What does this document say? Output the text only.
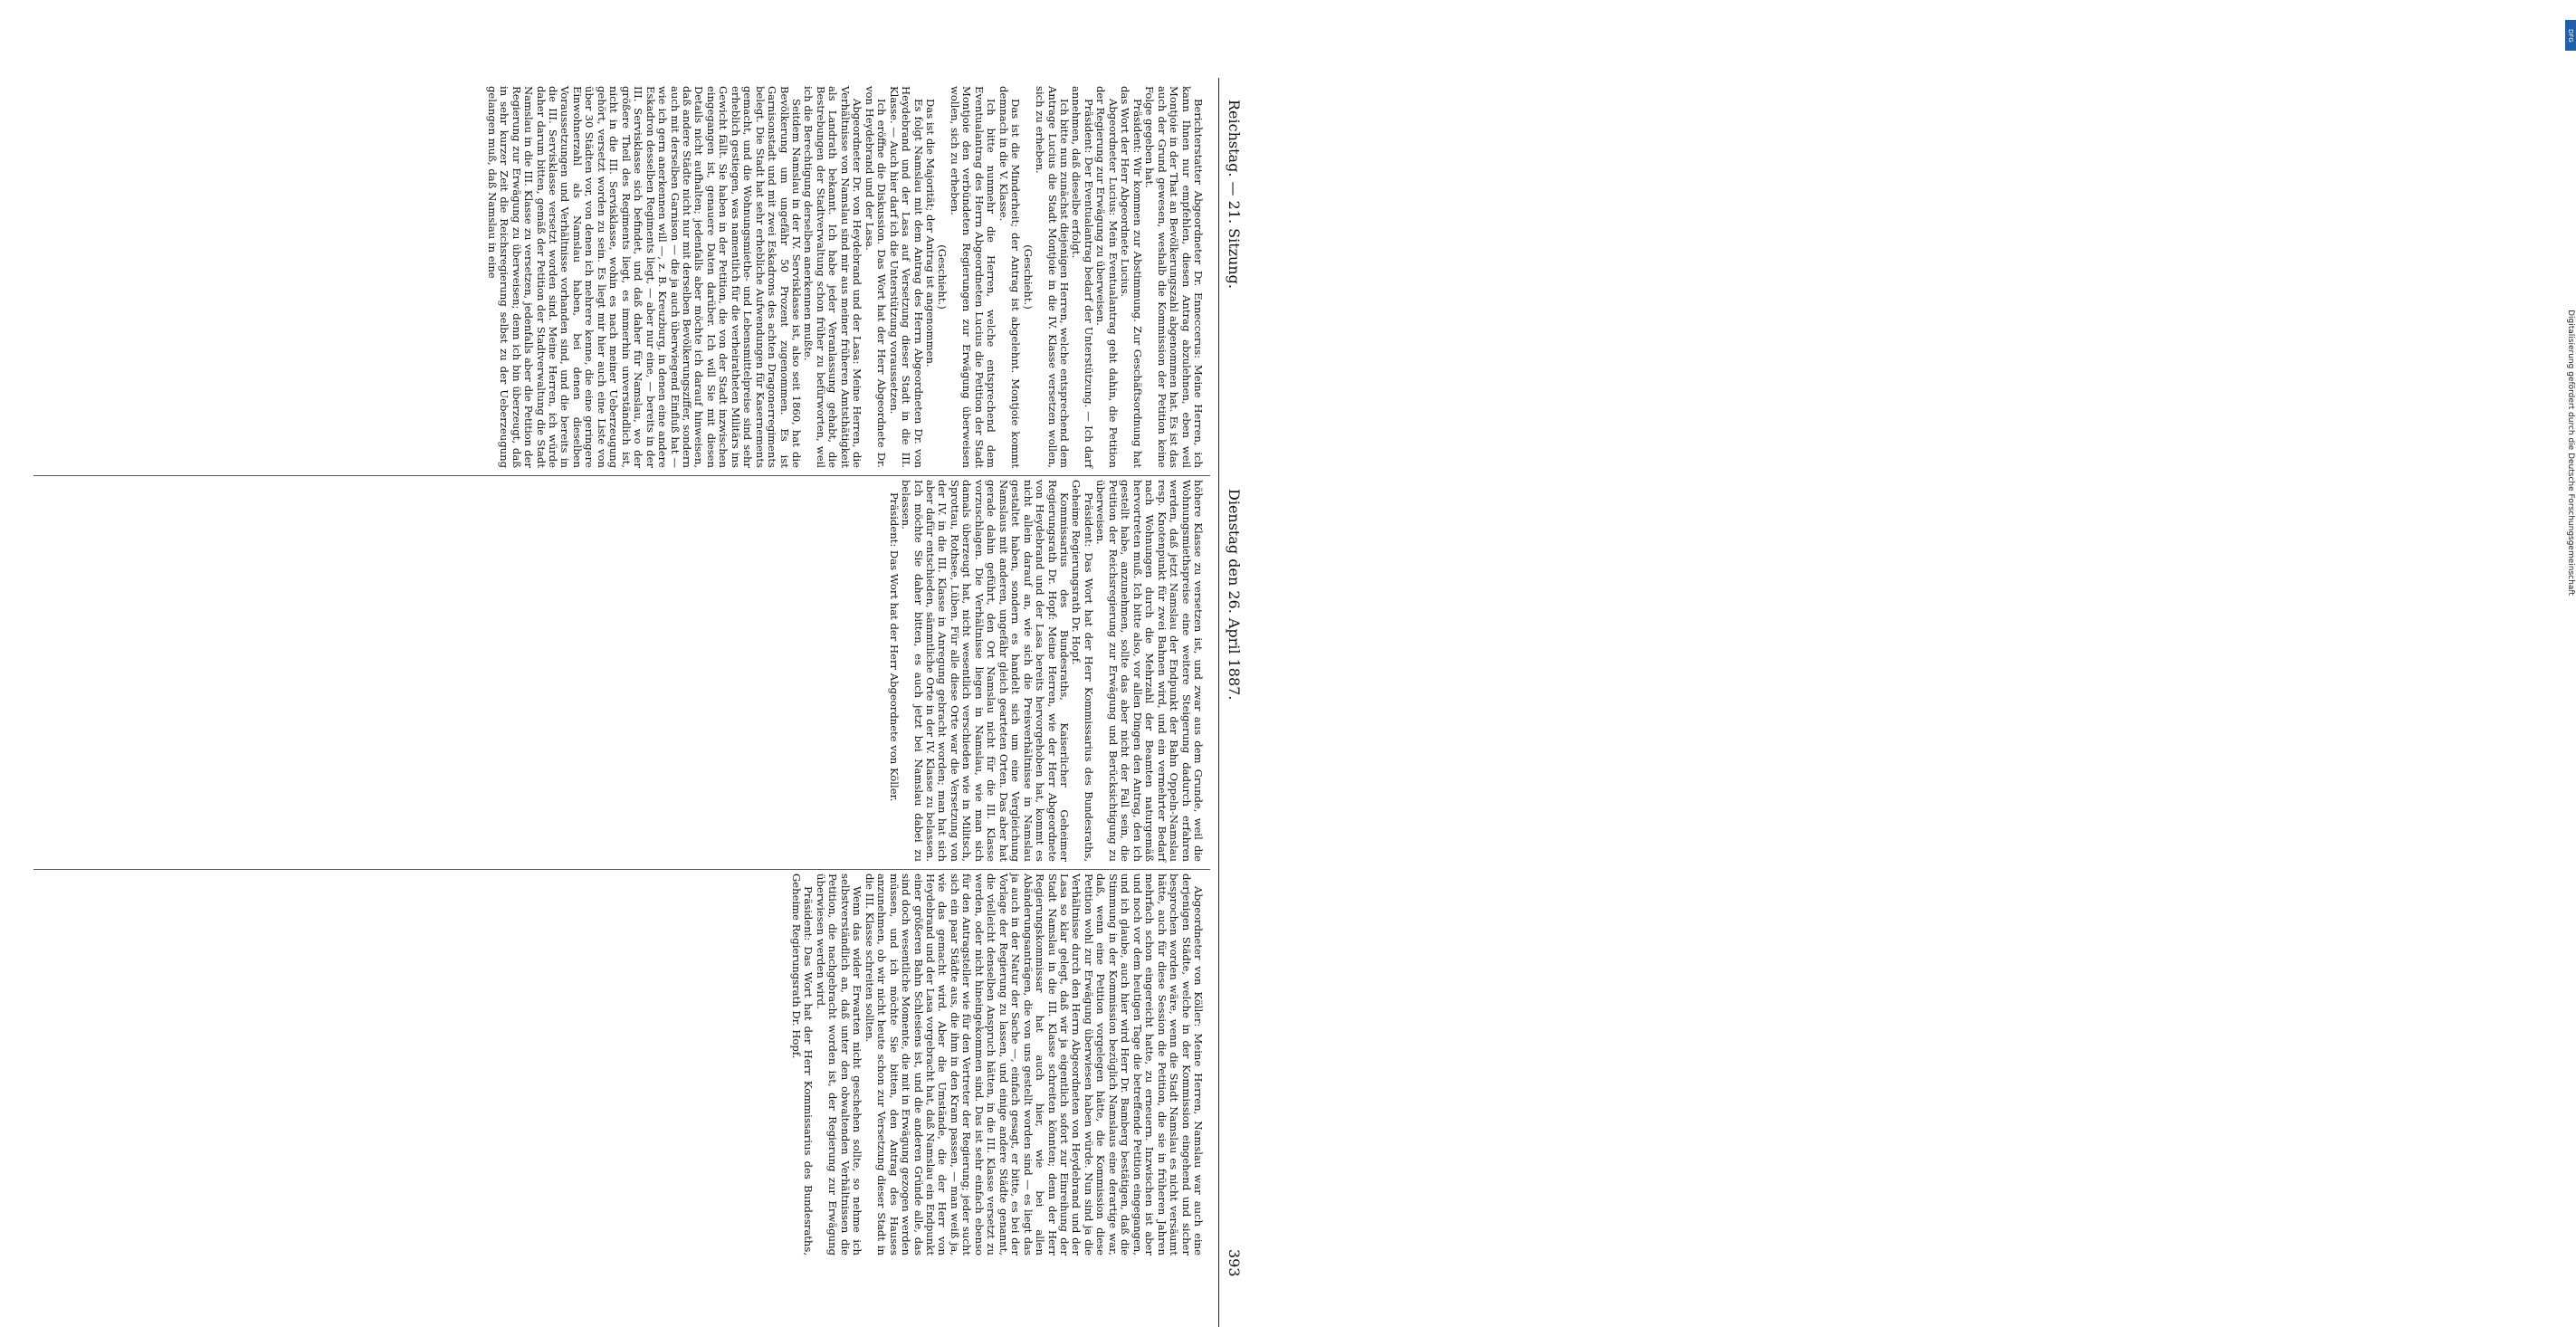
Reichstag. — 21. Sitzung.
Dienstag den 26. April 1887.
393

Berichterstatter Abgeordneter Dr. Enneccerus: Meine Herren, ich kann Ihnen nur empfehlen, diesen Antrag abzulehnen, eben weil Montjoie in der That an Bevölkerungszahl abgenommen hat. Es ist das auch der Grund gewesen, weshalb die Kommission der Petition keine Folge gegeben hat.

Präsident: Wir kommen zur Abstimmung. Zur Geschäftsordnung hat das Wort der Herr Abgeordnete Lucius.

Abgeordneter Lucius: Mein Eventualantrag geht dahin, die Petition der Regierung zur Erwägung zu überweisen.

Präsident: Der Eventualantrag bedarf der Unterstützung. — Ich darf annehmen, daß dieselbe erfolgt.

Ich bitte nun zunächst diejenigen Herren, welche entsprechend dem Antrage Lucius die Stadt Montjoie in die IV. Klasse versetzen wollen, sich zu erheben.

(Geschieht.)

Das ist die Minderheit; der Antrag ist abgelehnt. Montjoie kommt demnach in die V. Klasse.

Ich bitte nunmehr die Herren, welche entsprechend dem Eventualantrag des Herrn Abgeordneten Lucius die Petition der Stadt Montjoie den verbündeten Regierungen zur Erwägung überweisen wollen, sich zu erheben.

(Geschieht.)

Das ist die Majorität; der Antrag ist angenommen.

Es folgt Namslau mit dem Antrag des Herrn Abgeordneten Dr. von Heydebrand und der Lasa auf Versetzung dieser Stadt in die III. Klasse. — Auch hier darf ich die Unterstützung voraussetzen.

Ich eröffne die Diskussion. Das Wort hat der Herr Abgeordnete Dr. von Heydebrand und der Lasa.

Abgeordneter Dr. von Heydebrand und der Lasa: Meine Herren, die Verhältnisse von Namslau sind mir aus meiner früheren Amtsthätigkeit als Landrath bekannt. Ich habe jeder Veranlassung gehabt, die Bestrebungen der Stadtverwaltung schon früher zu befürworten, weil ich die Berechtigung derselben anerkennen mußte.

Seitdem Namslau in der IV. Servisklasse ist, also seit 1860, hat die Bevölkerung um ungefähr 50 Prozent zugenommen. Es ist Garnisonstadt und mit zwei Eskadrons des achten Dragonerregiments belegt. Die Stadt hat sehr erhebliche Aufwendungen für Kasernements gemacht, und die Wohnungsmiethe- und Lebensmittelpreise sind sehr erheblich gestiegen, was namentlich für die verheiratheten Militärs ins Gewicht fällt. Sie haben in der Petition, die von der Stadt inzwischen eingegangen ist, genauere Daten darüber. Ich will Sie mit diesen Details nicht aufhalten; jedenfalls aber möchte ich darauf hinweisen, daß andere Städte nicht nur mit derselben Bevölkerungsziffer, sondern auch mit derselben Garnison — die ja auch überwiegend Einfluß hat — wie ich gern anerkennen will —, z. B. Kreuzburg, in denen eine andere Eskadron desselben Regiments liegt, — aber nur eine, — bereits in der III. Servisklasse sich befindet, und daß daher für Namslau, wo der größere Theil des Regiments liegt, es immerhin unverständlich ist, nicht in die III. Servisklasse, wohin es nach meiner Ueberzeugung gehört, versetzt worden zu sein. Es liegt mir hier auch eine Liste von über 30 Städten vor, von denen ich mehrere kenne, die eine geringere Einwohnerzahl als Namslau haben, bei denen dieselben Voraussetzungen und Verhältnisse vorhanden sind, und die bereits in die III. Servisklasse versetzt worden sind. Meine Herren, ich würde daher darum bitten, gemäß der Petition der Stadtverwaltung die Stadt Namslau in die III. Klasse zu versetzen, jedenfalls aber die Petition der Regierung zur Erwägung zu überweisen; denn ich bin überzeugt, daß in sehr kurzer Zeit die Reichsregierung selbst zu der Ueberzeugung gelangen muß, daß Namslau in eine

höhere Klasse zu versetzen ist, und zwar aus dem Grunde, weil die Wohnungsmiethspreise eine weitere Steigerung dadurch erfahren werden, daß jetzt Namslau der Endpunkt der Bahn Oppeln-Namslau resp. Knotenpunkt für zwei Bahnen wird, und ein vermehrter Bedarf nach Wohnungen durch die Mehrzahl der Beamten naturgemäß hervortreten muß. Ich bitte also, vor allen Dingen den Antrag, den ich gestellt habe, anzunehmen, sollte das aber nicht der Fall sein, die Petition der Reichsregierung zur Erwägung und Berücksichtigung zu überweisen.

Präsident: Das Wort hat der Herr Kommissarius des Bundesraths, Geheime Regierungsrath Dr. Hopf.

Kommissarius des Bundesraths, Kaiserlicher Geheimer Regierungsrath Dr. Hopf: Meine Herren, wie der Herr Abgeordnete von Heydebrand und der Lasa bereits hervorgehoben hat, kommt es nicht allein darauf an, wie sich die Preisverhältnisse in Namslau gestaltet haben, sondern es handelt sich um eine Vergleichung Namslaus mit anderen, ungefähr gleich gearteten Orten. Das aber hat gerade dahin geführt, den Ort Namslau nicht für die III. Klasse vorzuschlagen. Die Verhältnisse liegen in Namslau, wie man sich damals überzeugt hat, nicht wesentlich verschieden wie in Militsch, Sprottau, Rothsee, Lüben. Für alle diese Orte war die Versetzung von der IV. in die III. Klasse in Anregung gebracht worden; man hat sich aber dafür entschieden, sämmtliche Orte in der IV. Klasse zu belassen. Ich möchte Sie daher bitten, es auch jetzt bei Namslau dabei zu belassen.

Präsident: Das Wort hat der Herr Abgeordnete von Köller.

Abgeordneter von Köller: Meine Herren, Namslau war auch eine derjenigen Städte, welche in der Kommission eingehend und sicher besprochen worden wäre, wenn die Stadt Namslau es nicht versäumt hätte, auch für diese Session die Petition, die sie in früheren Jahren mehrfach schon eingereicht hatte, zu erneuern. Inzwischen ist aber und noch vor dem heutigen Tage die betreffende Petition eingegangen, und ich glaube, auch hier wird Herr Dr. Bamberg bestätigen, daß die Stimmung in der Kommission bezüglich Namslaus eine derartige war, daß, wenn eine Petition vorgelegen hätte, die Kommission diese Petition wohl zur Erwägung überwiesen haben würde. Nun sind ja die Verhältnisse durch den Herrn Abgeordneten von Heydebrand und der Lasa so klar gelegt, daß wir ja eigentlich sofort zur Einreihung der Stadt Namslau in die III. Klasse schreiten könnten; denn der Herr Regierungskommissar hat auch hier, wie bei allen Abänderungsanträgen, die von uns gestellt worden sind — es liegt das ja auch in der Natur der Sache —, einfach gesagt, er bitte, es bei der Vorlage der Regierung zu lassen, und einige andere Städte genannt, die vielleicht denselben Anspruch hätten, in die III. Klasse versetzt zu werden, oder nicht hineingekommen sind. Das ist sehr einfach ebenso für den Antragsteller wie für den Vertreter der Regierung; jeder sucht sich ein paar Städte aus, die ihm in den Kram passen, — man weiß ja, wie das gemacht wird. Aber die Umstände, die der Herr von Heydebrand und der Lasa vorgebracht hat, daß Namslau ein Endpunkt einer größeren Bahn Schlesiens ist, und die anderen Gründe alle, das sind doch wesentliche Momente, die mit in Erwägung gezogen werden müssen, und ich möchte Sie bitten, den Antrag des Hauses anzunehmen, ob wir nicht heute schon zur Versetzung dieser Stadt in die III. Klasse schreiten sollten.

Wenn das wider Erwarten nicht geschehen sollte, so nehme ich selbstverständlich an, daß unter den obwaltenden Verhältnissen die Petition, die nachgebracht worden ist, der Regierung zur Erwägung überwiesen werden wird.

Präsident: Das Wort hat der Herr Kommissarius des Bundesraths, Geheime Regierungsrath Dr. Hopf.

DFG
Digitalisierung gefördert durch die Deutsche Forschungsgemeinschaft
